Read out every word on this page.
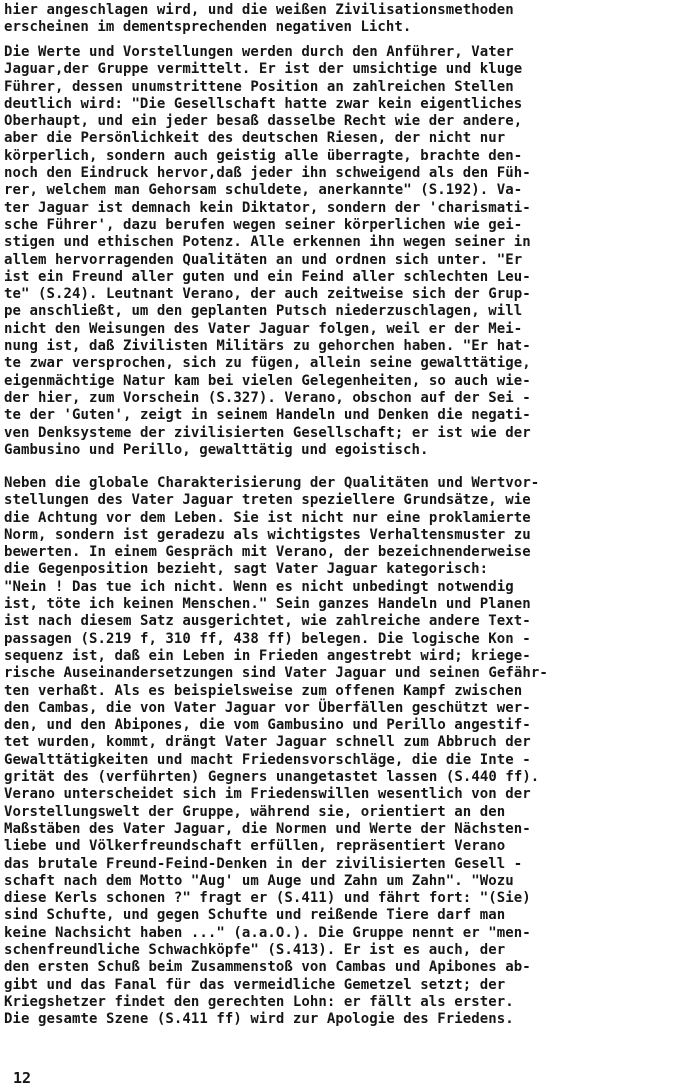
hier angeschlagen wird, und die weißen Zivilisationsmethoden
erscheinen im dementsprechenden negativen Licht.
Die Werte und Vorstellungen werden durch den Anführer, Vater
Jaguar,der Gruppe vermittelt. Er ist der umsichtige und kluge
Führer, dessen unumstrittene Position an zahlreichen Stellen
deutlich wird: "Die Gesellschaft hatte zwar kein eigentliches
Oberhaupt, und ein jeder besaß dasselbe Recht wie der andere,
aber die Persönlichkeit des deutschen Riesen, der nicht nur
körperlich, sondern auch geistig alle überragte, brachte den-
noch den Eindruck hervor,daß jeder ihn schweigend als den Füh-
rer, welchem man Gehorsam schuldete, anerkannte" (S.192). Va-
ter Jaguar ist demnach kein Diktator, sondern der 'charismati-
sche Führer', dazu berufen wegen seiner körperlichen wie gei-
stigen und ethischen Potenz. Alle erkennen ihn wegen seiner in
allem hervorragenden Qualitäten an und ordnen sich unter. "Er
ist ein Freund aller guten und ein Feind aller schlechten Leu-
te" (S.24). Leutnant Verano, der auch zeitweise sich der Grup-
pe anschließt, um den geplanten Putsch niederzuschlagen, will
nicht den Weisungen des Vater Jaguar folgen, weil er der Mei-
nung ist, daß Zivilisten Militärs zu gehorchen haben. "Er hat-
te zwar versprochen, sich zu fügen, allein seine gewalttätige,
eigenmächtige Natur kam bei vielen Gelegenheiten, so auch wie-
der hier, zum Vorschein (S.327). Verano, obschon auf der Sei -
te der 'Guten', zeigt in seinem Handeln und Denken die negati-
ven Denksysteme der zivilisierten Gesellschaft; er ist wie der
Gambusino und Perillo, gewalttätig und egoistisch.
Neben die globale Charakterisierung der Qualitäten und Wertvor-
stellungen des Vater Jaguar treten speziellere Grundsätze, wie
die Achtung vor dem Leben. Sie ist nicht nur eine proklamierte
Norm, sondern ist geradezu als wichtigstes Verhaltensmuster zu
bewerten. In einem Gespräch mit Verano, der bezeichnenderweise
die Gegenposition bezieht, sagt Vater Jaguar kategorisch:
"Nein ! Das tue ich nicht. Wenn es nicht unbedingt notwendig
ist, töte ich keinen Menschen." Sein ganzes Handeln und Planen
ist nach diesem Satz ausgerichtet, wie zahlreiche andere Text-
passagen (S.219 f, 310 ff, 438 ff) belegen. Die logische Kon -
sequenz ist, daß ein Leben in Frieden angestrebt wird; kriege-
rische Auseinandersetzungen sind Vater Jaguar und seinen Gefähr-
ten verhaßt. Als es beispielsweise zum offenen Kampf zwischen
den Cambas, die von Vater Jaguar vor Überfällen geschützt wer-
den, und den Abipones, die vom Gambusino und Perillo angestif-
tet wurden, kommt, drängt Vater Jaguar schnell zum Abbruch der
Gewalttätigkeiten und macht Friedensvorschläge, die die Inte -
grität des (verführten) Gegners unangetastet lassen (S.440 ff).
Verano unterscheidet sich im Friedenswillen wesentlich von der
Vorstellungswelt der Gruppe, während sie, orientiert an den
Maßstäben des Vater Jaguar, die Normen und Werte der Nächsten-
liebe und Völkerfreundschaft erfüllen, repräsentiert Verano
das brutale Freund-Feind-Denken in der zivilisierten Gesell -
schaft nach dem Motto "Aug' um Auge und Zahn um Zahn". "Wozu
diese Kerls schonen ?" fragt er (S.411) und fährt fort: "(Sie)
sind Schufte, und gegen Schufte und reißende Tiere darf man
keine Nachsicht haben ..." (a.a.O.). Die Gruppe nennt er "men-
schenfreundliche Schwachköpfe" (S.413). Er ist es auch, der
den ersten Schuß beim Zusammenstoß von Cambas und Apibones ab-
gibt und das Fanal für das vermeidliche Gemetzel setzt; der
Kriegshetzer findet den gerechten Lohn: er fällt als erster.
Die gesamte Szene (S.411 ff) wird zur Apologie des Friedens.
12
